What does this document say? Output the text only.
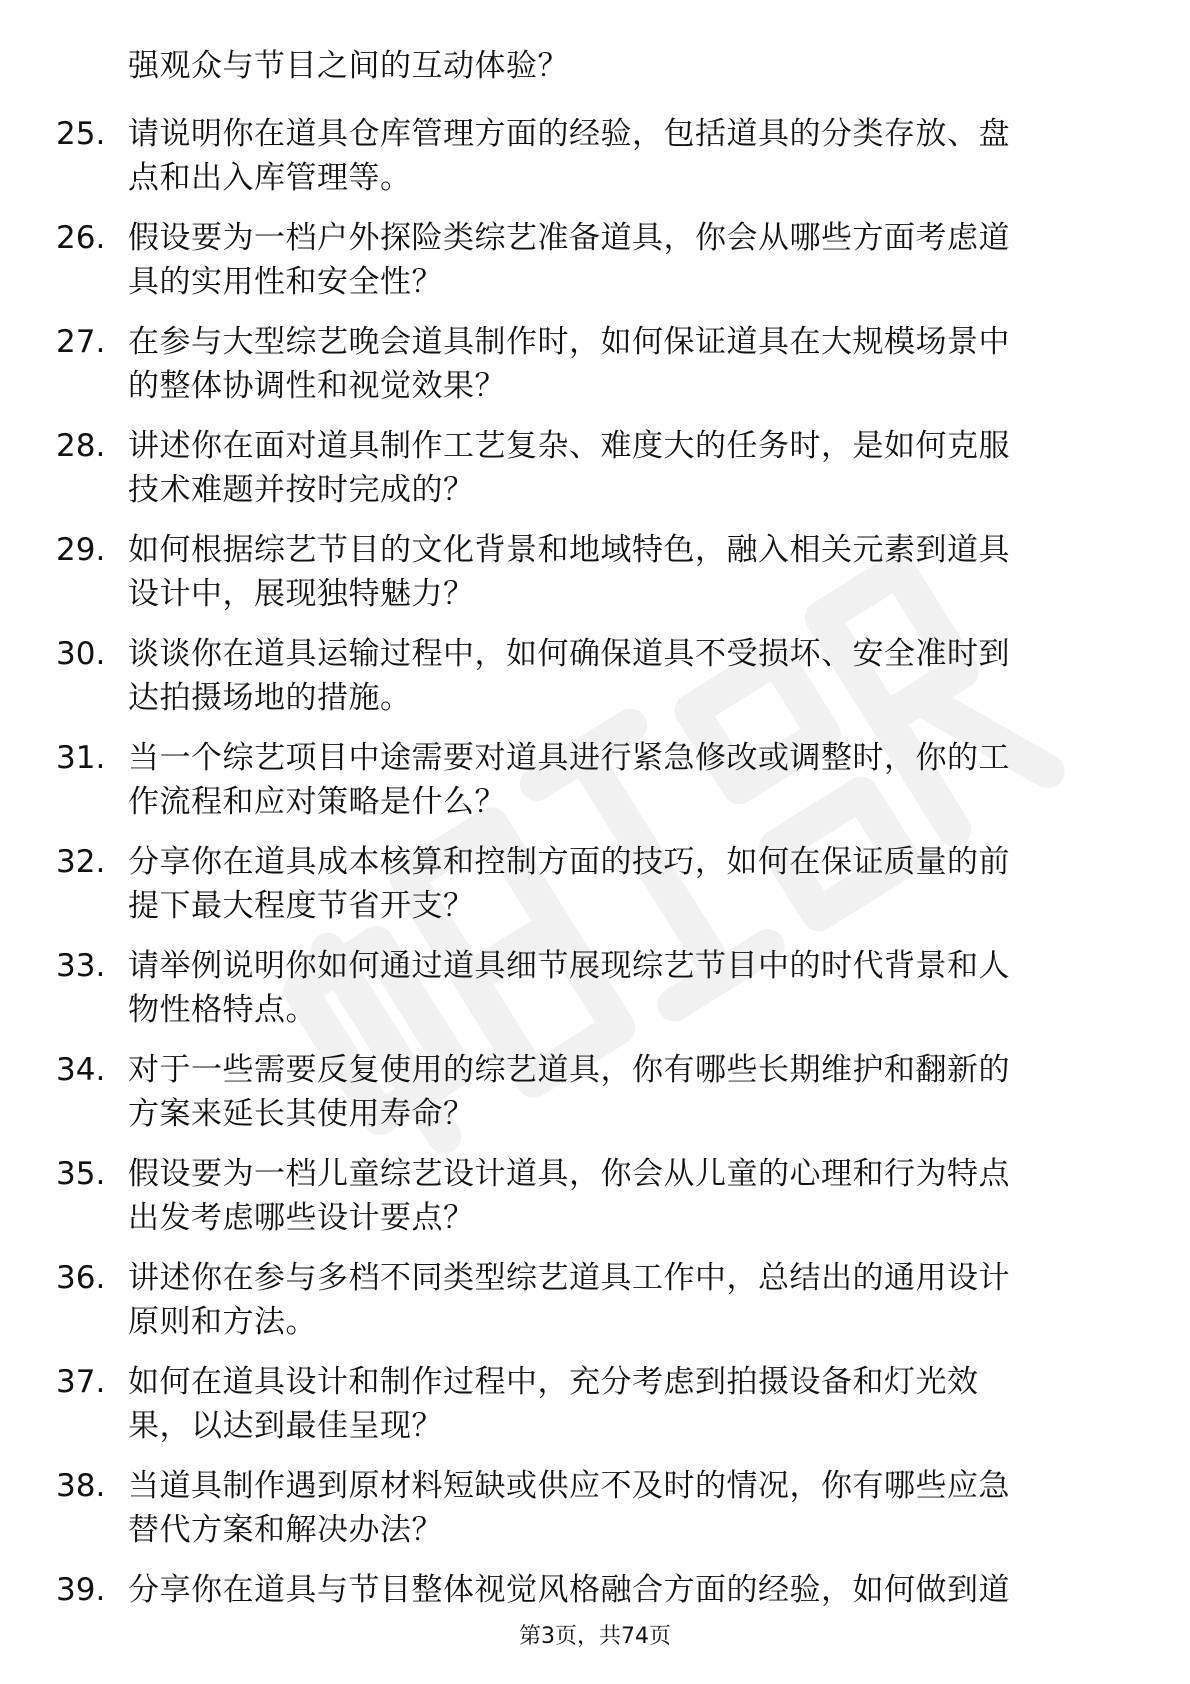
强观众与节目之间的互动体验？
25. 请说明你在道具仓库管理方面的经验，包括道具的分类存放、盘
点和出入库管理等。
26. 假设要为一档户外探险类综艺准备道具，你会从哪些方面考虑道
具的实用性和安全性？
27. 在参与大型综艺晚会道具制作时，如何保证道具在大规模场景中
的整体协调性和视觉效果？
28. 讲述你在面对道具制作工艺复杂、难度大的任务时，是如何克服
技术难题并按时完成的？
29. 如何根据综艺节目的文化背景和地域特色，融入相关元素到道具
设计中，展现独特魅力？
30. 谈谈你在道具运输过程中，如何确保道具不受损坏、安全准时到
达拍摄场地的措施。
31. 当一个综艺项目中途需要对道具进行紧急修改或调整时，你的工
作流程和应对策略是什么？
32. 分享你在道具成本核算和控制方面的技巧，如何在保证质量的前
提下最大程度节省开支？
33. 请举例说明你如何通过道具细节展现综艺节目中的时代背景和人
物性格特点。
34. 对于一些需要反复使用的综艺道具，你有哪些长期维护和翻新的
方案来延长其使用寿命？
35. 假设要为一档儿童综艺设计道具，你会从儿童的心理和行为特点
出发考虑哪些设计要点？
36. 讲述你在参与多档不同类型综艺道具工作中，总结出的通用设计
原则和方法。
37. 如何在道具设计和制作过程中，充分考虑到拍摄设备和灯光效
果，以达到最佳呈现？
38. 当道具制作遇到原材料短缺或供应不及时的情况，你有哪些应急
替代方案和解决办法？
39. 分享你在道具与节目整体视觉风格融合方面的经验，如何做到道
第3页，共74页
